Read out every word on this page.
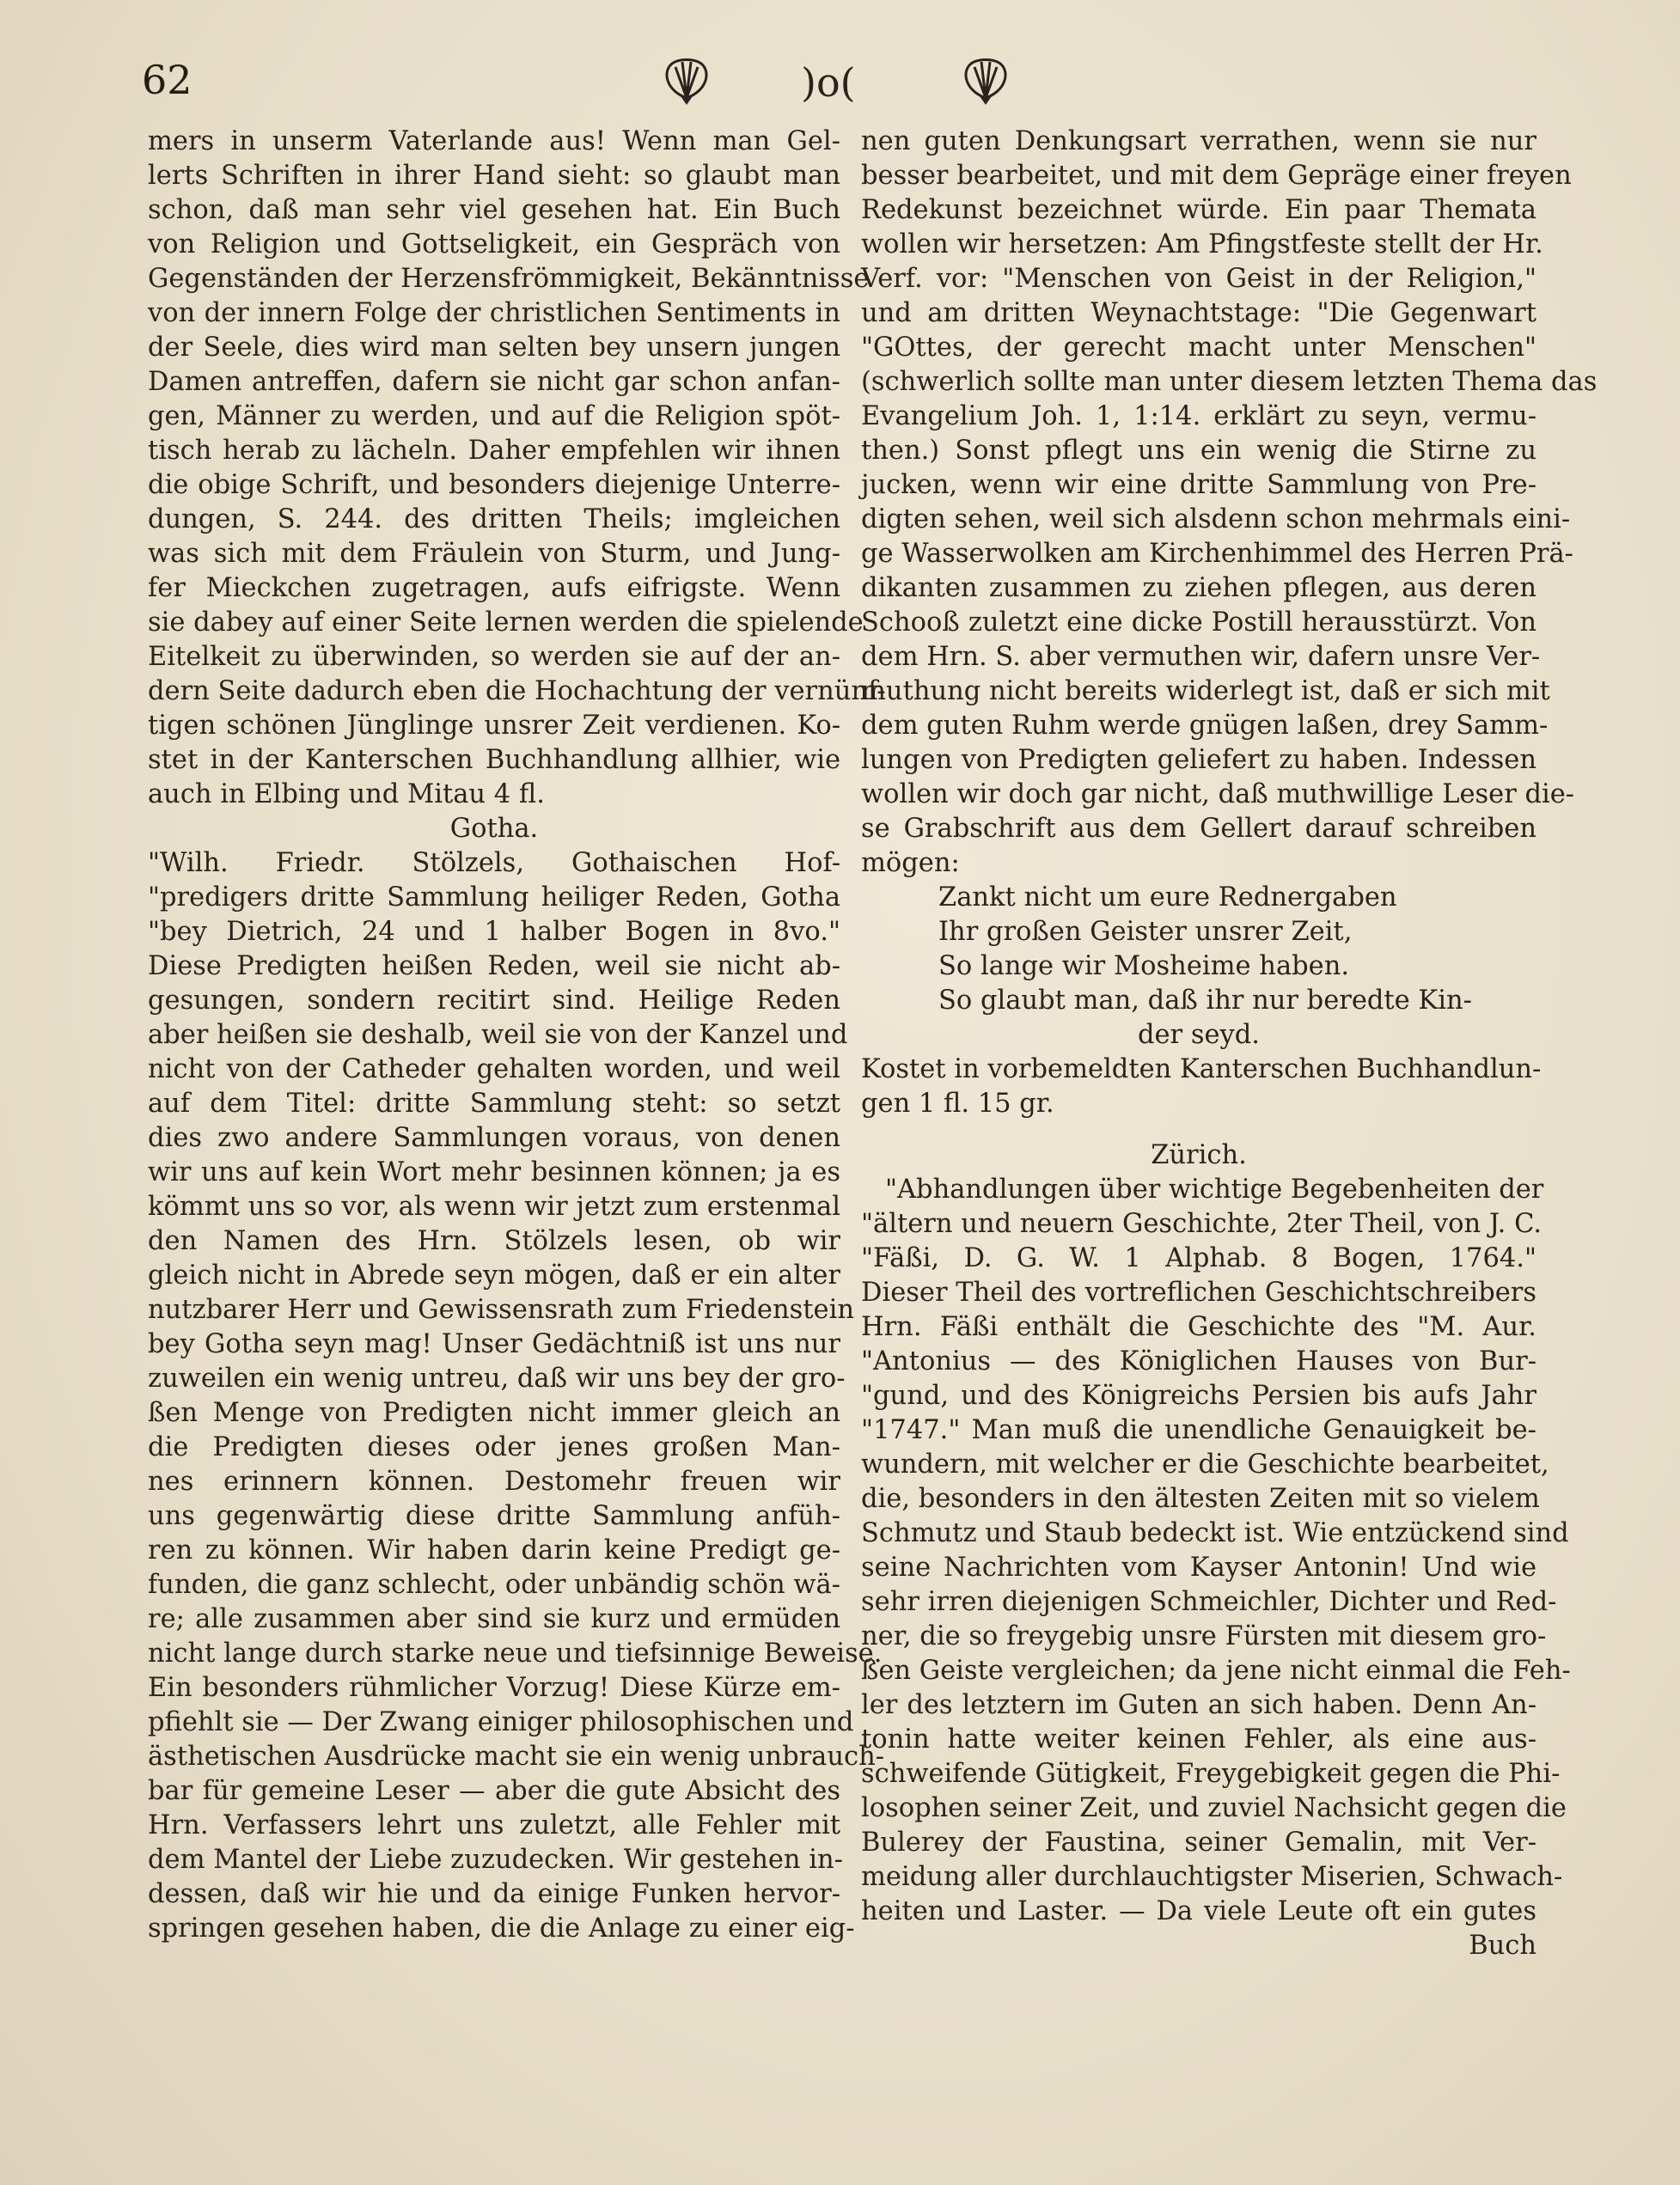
62	)o(
mers in unserm Vaterlande aus! Wenn man Gel-
lerts Schriften in ihrer Hand sieht: so glaubt man
schon, daß man sehr viel gesehen hat. Ein Buch
von Religion und Gottseligkeit, ein Gespräch von
Gegenständen der Herzensfrömmigkeit, Bekänntnisse
von der innern Folge der christlichen Sentiments in
der Seele, dies wird man selten bey unsern jungen
Damen antreffen, dafern sie nicht gar schon anfan-
gen, Männer zu werden, und auf die Religion spöt-
tisch herab zu lächeln. Daher empfehlen wir ihnen
die obige Schrift, und besonders diejenige Unterre-
dungen, S. 244. des dritten Theils; imgleichen
was sich mit dem Fräulein von Sturm, und Jung-
fer Mieckchen zugetragen, aufs eifrigste. Wenn
sie dabey auf einer Seite lernen werden die spielende
Eitelkeit zu überwinden, so werden sie auf der an-
dern Seite dadurch eben die Hochachtung der vernünf-
tigen schönen Jünglinge unsrer Zeit verdienen. Ko-
stet in der Kanterschen Buchhandlung allhier, wie
auch in Elbing und Mitau 4 fl.
Gotha.
"Wilh. Friedr. Stölzels, Gothaischen Hof-
"predigers dritte Sammlung heiliger Reden, Gotha
"bey Dietrich, 24 und 1 halber Bogen in 8vo."
Diese Predigten heißen Reden, weil sie nicht ab-
gesungen, sondern recitirt sind. Heilige Reden
aber heißen sie deshalb, weil sie von der Kanzel und
nicht von der Catheder gehalten worden, und weil
auf dem Titel: dritte Sammlung steht: so setzt
dies zwo andere Sammlungen voraus, von denen
wir uns auf kein Wort mehr besinnen können; ja es
kömmt uns so vor, als wenn wir jetzt zum erstenmal
den Namen des Hrn. Stölzels lesen, ob wir
gleich nicht in Abrede seyn mögen, daß er ein alter
nutzbarer Herr und Gewissensrath zum Friedenstein
bey Gotha seyn mag! Unser Gedächtniß ist uns nur
zuweilen ein wenig untreu, daß wir uns bey der gro-
ßen Menge von Predigten nicht immer gleich an
die Predigten dieses oder jenes großen Man-
nes erinnern können. Destomehr freuen wir
uns gegenwärtig diese dritte Sammlung anfüh-
ren zu können. Wir haben darin keine Predigt ge-
funden, die ganz schlecht, oder unbändig schön wä-
re; alle zusammen aber sind sie kurz und ermüden
nicht lange durch starke neue und tiefsinnige Beweise.
Ein besonders rühmlicher Vorzug! Diese Kürze em-
pfiehlt sie — Der Zwang einiger philosophischen und
ästhetischen Ausdrücke macht sie ein wenig unbrauch-
bar für gemeine Leser — aber die gute Absicht des
Hrn. Verfassers lehrt uns zuletzt, alle Fehler mit
dem Mantel der Liebe zuzudecken. Wir gestehen in-
dessen, daß wir hie und da einige Funken hervor-
springen gesehen haben, die die Anlage zu einer eig-
nen guten Denkungsart verrathen, wenn sie nur
besser bearbeitet, und mit dem Gepräge einer freyen
Redekunst bezeichnet würde. Ein paar Themata
wollen wir hersetzen: Am Pfingstfeste stellt der Hr.
Verf. vor: "Menschen von Geist in der Religion,"
und am dritten Weynachtstage: "Die Gegenwart
"GOttes, der gerecht macht unter Menschen"
(schwerlich sollte man unter diesem letzten Thema das
Evangelium Joh. 1, 1:14. erklärt zu seyn, vermu-
then.) Sonst pflegt uns ein wenig die Stirne zu
jucken, wenn wir eine dritte Sammlung von Pre-
digten sehen, weil sich alsdenn schon mehrmals eini-
ge Wasserwolken am Kirchenhimmel des Herren Prä-
dikanten zusammen zu ziehen pflegen, aus deren
Schooß zuletzt eine dicke Postill herausstürzt. Von
dem Hrn. S. aber vermuthen wir, dafern unsre Ver-
muthung nicht bereits widerlegt ist, daß er sich mit
dem guten Ruhm werde gnügen laßen, drey Samm-
lungen von Predigten geliefert zu haben. Indessen
wollen wir doch gar nicht, daß muthwillige Leser die-
se Grabschrift aus dem Gellert darauf schreiben
mögen:
Zankt nicht um eure Rednergaben
Ihr großen Geister unsrer Zeit,
So lange wir Mosheime haben.
So glaubt man, daß ihr nur beredte Kin-
der seyd.
Kostet in vorbemeldten Kanterschen Buchhandlun-
gen 1 fl. 15 gr.
Zürich.
"Abhandlungen über wichtige Begebenheiten der
"ältern und neuern Geschichte, 2ter Theil, von J. C.
"Fäßi, D. G. W. 1 Alphab. 8 Bogen, 1764."
Dieser Theil des vortreflichen Geschichtschreibers
Hrn. Fäßi enthält die Geschichte des "M. Aur.
"Antonius — des Königlichen Hauses von Bur-
"gund, und des Königreichs Persien bis aufs Jahr
"1747." Man muß die unendliche Genauigkeit be-
wundern, mit welcher er die Geschichte bearbeitet,
die, besonders in den ältesten Zeiten mit so vielem
Schmutz und Staub bedeckt ist. Wie entzückend sind
seine Nachrichten vom Kayser Antonin! Und wie
sehr irren diejenigen Schmeichler, Dichter und Red-
ner, die so freygebig unsre Fürsten mit diesem gro-
ßen Geiste vergleichen; da jene nicht einmal die Feh-
ler des letztern im Guten an sich haben. Denn An-
tonin hatte weiter keinen Fehler, als eine aus-
schweifende Gütigkeit, Freygebigkeit gegen die Phi-
losophen seiner Zeit, und zuviel Nachsicht gegen die
Bulerey der Faustina, seiner Gemalin, mit Ver-
meidung aller durchlauchtigster Miserien, Schwach-
heiten und Laster. — Da viele Leute oft ein gutes
Buch
